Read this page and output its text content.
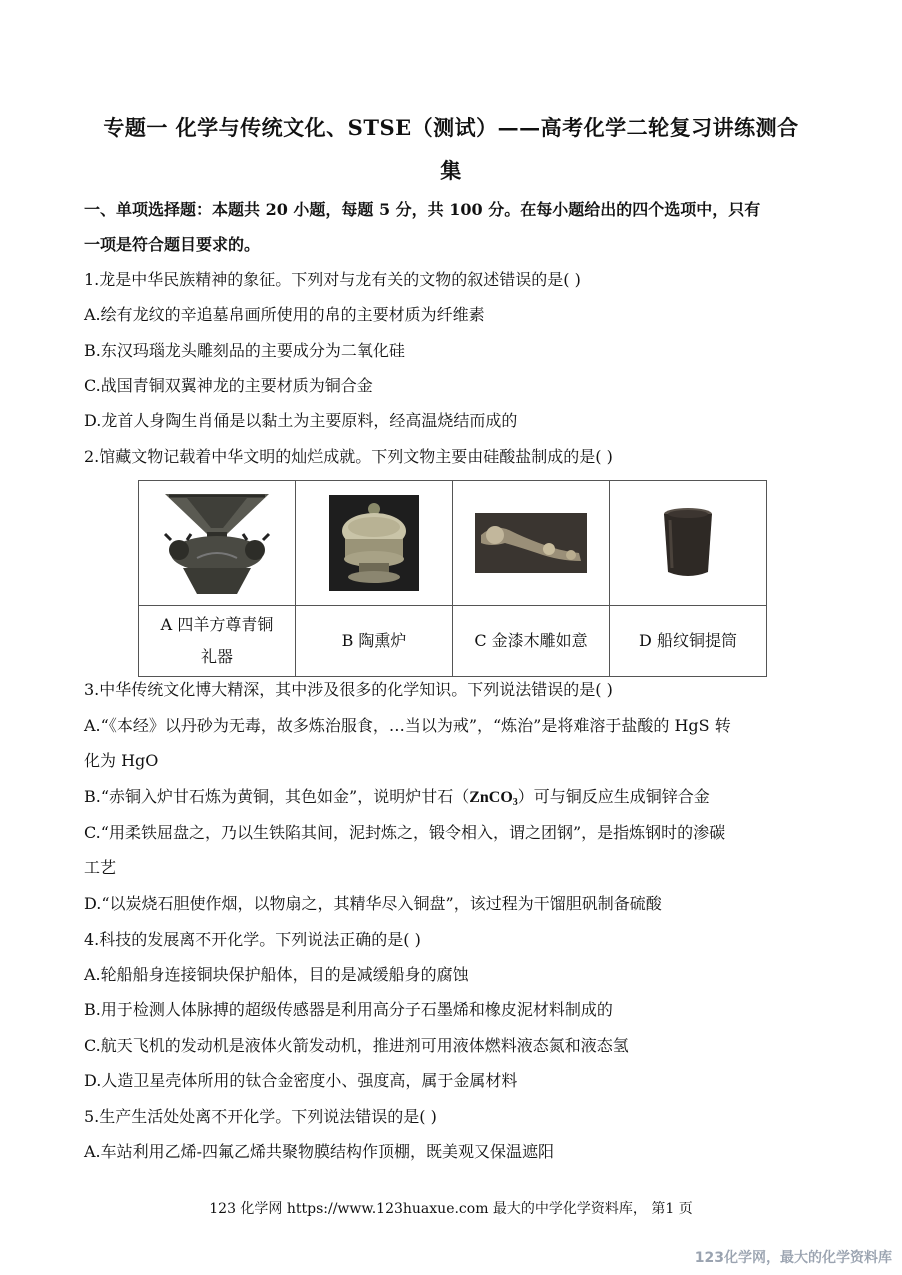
专题一 化学与传统文化、STSE（测试）——高考化学二轮复习讲练测合
集
一、单项选择题：本题共 20 小题，每题 5 分，共 100 分。在每小题给出的四个选项中，只有
一项是符合题目要求的。
1.龙是中华民族精神的象征。下列对与龙有关的文物的叙述错误的是( )
A.绘有龙纹的辛追墓帛画所使用的帛的主要材质为纤维素
B.东汉玛瑙龙头雕刻品的主要成分为二氧化硅
C.战国青铜双翼神龙的主要材质为铜合金
D.龙首人身陶生肖俑是以黏土为主要原料，经高温烧结而成的
2.馆藏文物记载着中华文明的灿烂成就。下列文物主要由硅酸盐制成的是( )

A 四羊方尊青铜
礼器	B 陶熏炉	C 金漆木雕如意	D 船纹铜提筒
3.中华传统文化博大精深，其中涉及很多的化学知识。下列说法错误的是( )
A.“《本经》以丹砂为无毒，故多炼治服食，…当以为戒”，“炼治”是将难溶于盐酸的 HgS 转
化为 HgO
B.“赤铜入炉甘石炼为黄铜，其色如金”，说明炉甘石（ZnCO$_3$）可与铜反应生成铜锌合金
C.“用柔铁屈盘之，乃以生铁陷其间，泥封炼之，锻令相入，谓之团钢”，是指炼钢时的渗碳
工艺
D.“以炭烧石胆使作烟，以物扇之，其精华尽入铜盘”，该过程为干馏胆矾制备硫酸
4.科技的发展离不开化学。下列说法正确的是( )
A.轮船船身连接铜块保护船体，目的是减缓船身的腐蚀
B.用于检测人体脉搏的超级传感器是利用高分子石墨烯和橡皮泥材料制成的
C.航天飞机的发动机是液体火箭发动机，推进剂可用液体燃料液态氮和液态氢
D.人造卫星壳体所用的钛合金密度小、强度高，属于金属材料
5.生产生活处处离不开化学。下列说法错误的是( )
A.车站利用乙烯-四氟乙烯共聚物膜结构作顶棚，既美观又保温遮阳
123 化学网 https://www.123huaxue.com 最大的中学化学资料库， 第1 页
123化学网，最大的化学资料库
